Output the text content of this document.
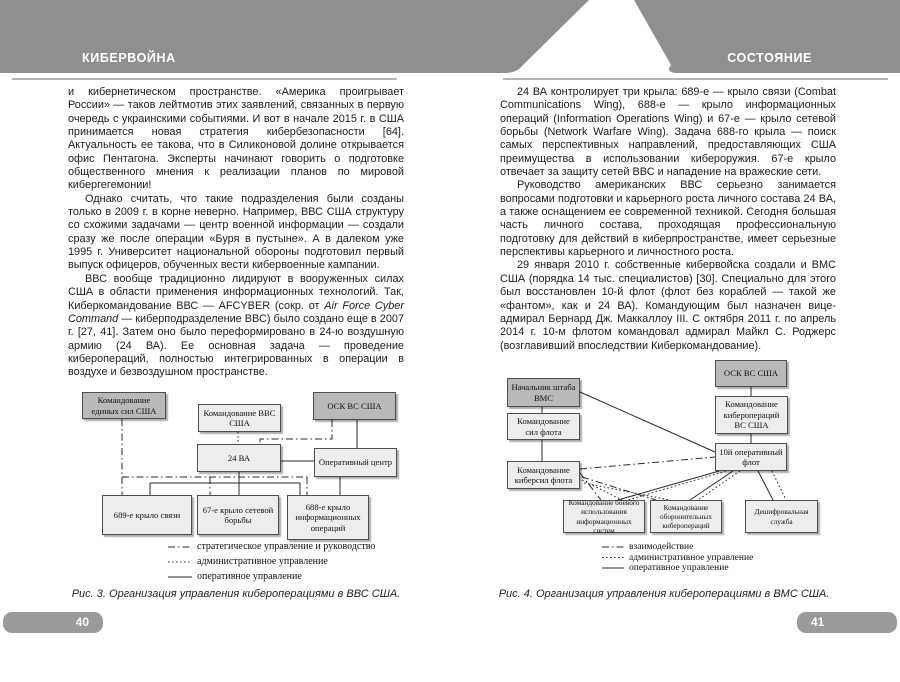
КИБЕРВОЙНА	СОСТОЯНИЕ

и кибернетическом пространстве. «Америка проигрывает России» — таков лейтмотив этих заявлений, связанных в первую очередь с украинскими событиями. И вот в начале 2015 г. в США принимается новая стратегия кибербезопасности [64]. Актуальность ее такова, что в Силиконовой долине открывается офис Пентагона. Эксперты начинают говорить о подготовке общественного мнения к реализации планов по мировой кибергегемонии!

Однако считать, что такие подразделения были созданы только в 2009 г. в корне неверно. Например, ВВС США структуру со схожими задачами — центр военной информации — создали сразу же после операции «Буря в пустыне». А в далеком уже 1995 г. Университет национальной обороны подготовил первый выпуск офицеров, обученных вести кибервоенные кампании.

ВВС вообще традиционно лидируют в вооруженных силах США в области применения информационных технологий. Так, Киберкомандование ВВС — AFCYBER (сокр. от Air Force Cyber Command — киберподразделение ВВС) было создано еще в 2007 г. [27, 41]. Затем оно было переформировано в 24-ю воздушную армию (24 ВА). Ее основная задача — проведение киберопераций, полностью интегрированных в операции в воздухе и безвоздушном пространстве.

24 ВА контролирует три крыла: 689-е — крыло связи (Combat Communications Wing), 688-е — крыло информационных операций (Information Operations Wing) и 67-е — крыло сетевой борьбы (Network Warfare Wing). Задача 688-го крыла — поиск самых перспективных направлений, предоставляющих США преимущества в использовании кибероружия. 67-е крыло отвечает за защиту сетей ВВС и нападение на вражеские сети.

Руководство американских ВВС серьезно занимается вопросами подготовки и карьерного роста личного состава 24 ВА, а также оснащением ее современной техникой. Сегодня большая часть личного состава, проходящая профессиональную подготовку для действий в киберпространстве, имеет серьезные перспективы карьерного и личностного роста.

29 января 2010 г. собственные кибервойска создали и ВМС США (порядка 14 тыс. специалистов) [30]. Специально для этого был восстановлен 10-й флот (флот без кораблей — такой же «фантом», как и 24 ВА). Командующим был назначен вице-адмирал Бернард Дж. Маккаллоу III. С октября 2011 г. по апрель 2014 г. 10-м флотом командовал адмирал Майкл С. Роджерс (возглавивший впоследствии Киберкомандование).

Командование единых сил США	Командование ВВС США
ОСК ВС США
24 ВА	Оперативный центр
689-е крыло связи
67-е крыло сетевой борьбы
688-е крыло информационных операций
стратегическое управление и руководство
административное управление
оперативное управление
Рис. 3. Организация управления кибероперациями в ВВС США.
Начальник штаба ВМС
Командование сил флота
Командование киберсил флота
ОСК ВС США
Командование киберопераций ВС США
10й оперативный флот
Командование боевого использования информационных систем
Командование оборонительных киберопераций
Дешифровальная служба
взаимодействие
административное управление
оперативное управление
Рис. 4. Организация управления кибероперациями в ВМС США.
40	41
